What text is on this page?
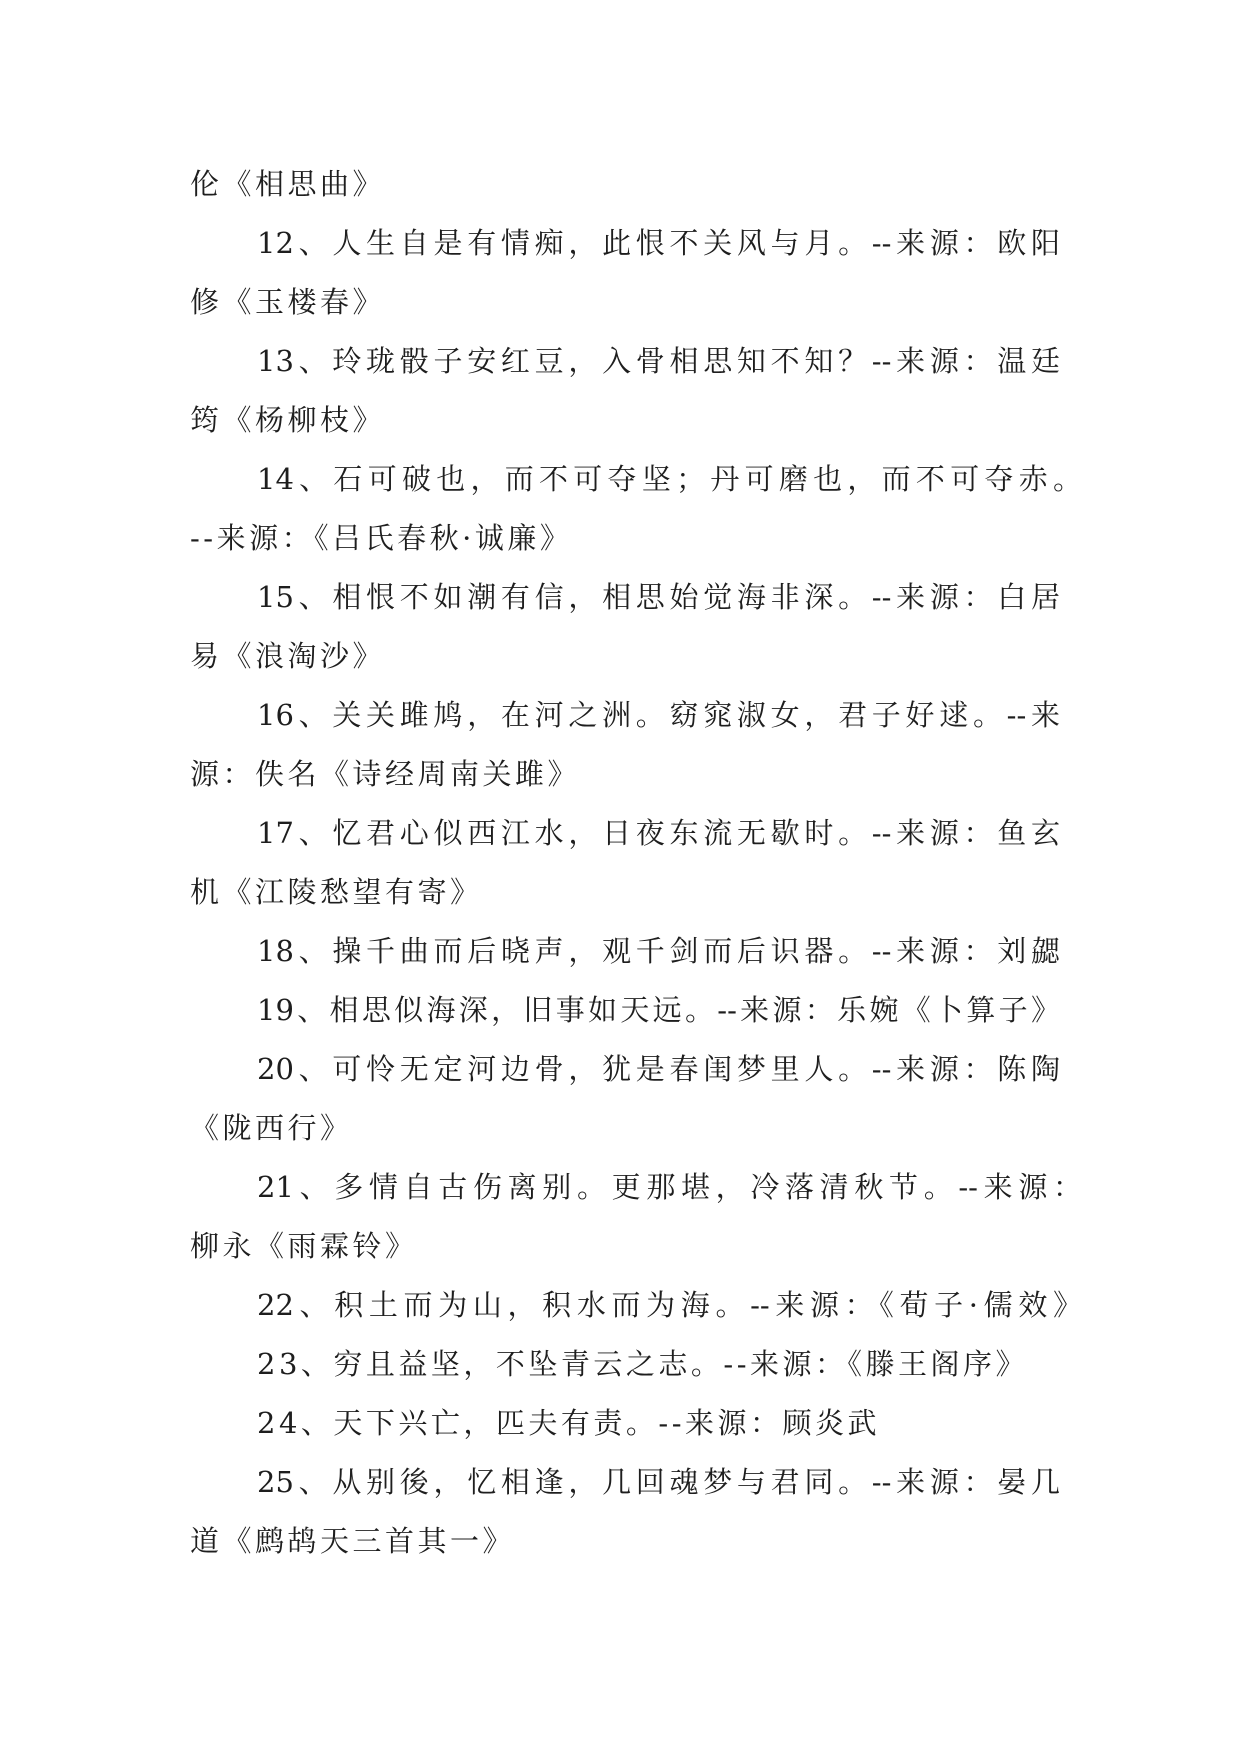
伦《相思曲》

12、人生自是有情痴，此恨不关风与月。--来源：欧阳
修《玉楼春》

13、玲珑骰子安红豆，入骨相思知不知？--来源：温廷
筠《杨柳枝》

14、石可破也，而不可夺坚；丹可磨也，而不可夺赤。
--来源：《吕氏春秋·诚廉》

15、相恨不如潮有信，相思始觉海非深。--来源：白居
易《浪淘沙》

16、关关雎鸠，在河之洲。窈窕淑女，君子好逑。--来
源：佚名《诗经周南关雎》

17、忆君心似西江水，日夜东流无歇时。--来源：鱼玄
机《江陵愁望有寄》

18、操千曲而后晓声，观千剑而后识器。--来源：刘勰

19、相思似海深，旧事如天远。--来源：乐婉《卜算子》

20、可怜无定河边骨，犹是春闺梦里人。--来源：陈陶
《陇西行》

21、多情自古伤离别。更那堪，冷落清秋节。--来源：
柳永《雨霖铃》

22、积土而为山，积水而为海。--来源：《荀子·儒效》

23、穷且益坚，不坠青云之志。--来源：《滕王阁序》

24、天下兴亡，匹夫有责。--来源：顾炎武

25、从别後，忆相逢，几回魂梦与君同。--来源：晏几
道《鹧鸪天三首其一》
